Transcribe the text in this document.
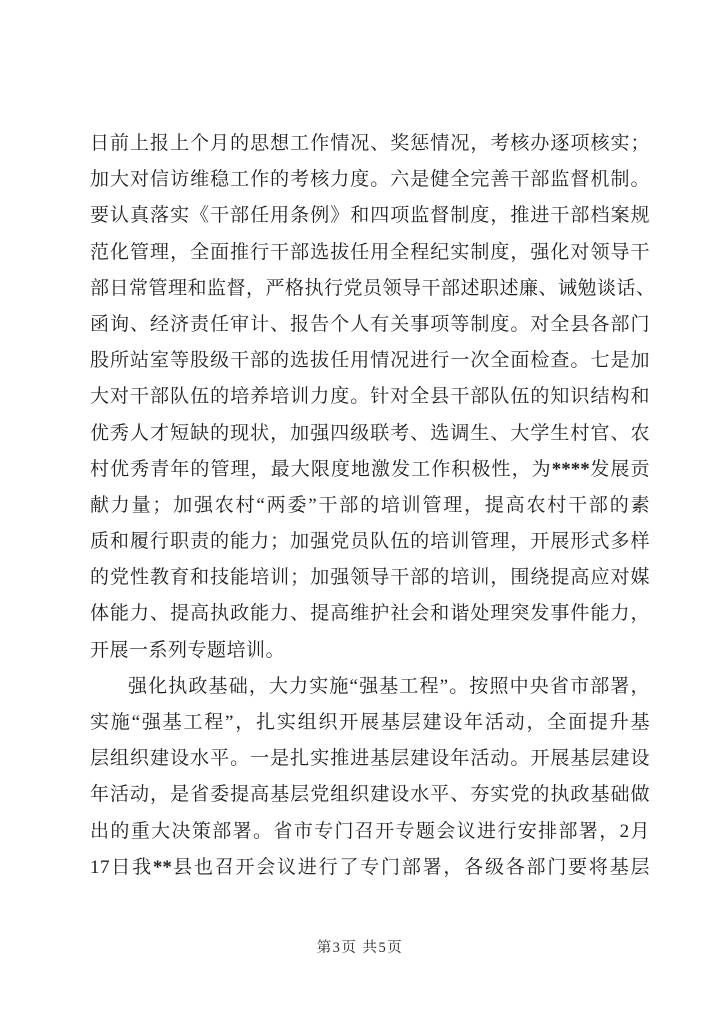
日前上报上个月的思想工作情况、奖惩情况，考核办逐项核实；
加大对信访维稳工作的考核力度。六是健全完善干部监督机制。
要认真落实《干部任用条例》和四项监督制度，推进干部档案规
范化管理，全面推行干部选拔任用全程纪实制度，强化对领导干
部日常管理和监督，严格执行党员领导干部述职述廉、诫勉谈话、
函询、经济责任审计、报告个人有关事项等制度。对全县各部门
股所站室等股级干部的选拔任用情况进行一次全面检查。七是加
大对干部队伍的培养培训力度。针对全县干部队伍的知识结构和
优秀人才短缺的现状，加强四级联考、选调生、大学生村官、农
村优秀青年的管理，最大限度地激发工作积极性，为****发展贡
献力量；加强农村“两委”干部的培训管理，提高农村干部的素
质和履行职责的能力；加强党员队伍的培训管理，开展形式多样
的党性教育和技能培训；加强领导干部的培训，围绕提高应对媒
体能力、提高执政能力、提高维护社会和谐处理突发事件能力，
开展一系列专题培训。
强化执政基础，大力实施“强基工程”。按照中央省市部署，
实施“强基工程”，扎实组织开展基层建设年活动，全面提升基
层组织建设水平。一是扎实推进基层建设年活动。开展基层建设
年活动，是省委提高基层党组织建设水平、夯实党的执政基础做
出的重大决策部署。省市专门召开专题会议进行安排部署，2月
17日我**县也召开会议进行了专门部署，各级各部门要将基层
第3页 共5页
